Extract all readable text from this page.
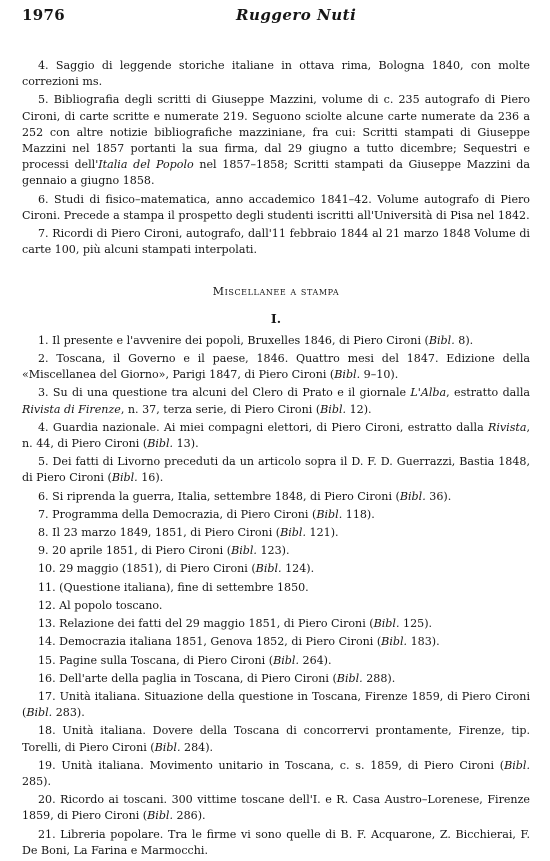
1976	Ruggero Nuti

4. Saggio di leggende storiche italiane in ottava rima, Bologna 1840, con molte correzioni ms.

5. Bibliografia degli scritti di Giuseppe Mazzini, volume di c. 235 autografo di Piero Cironi, di carte scritte e numerate 219. Seguono sciolte alcune carte numerate da 236 a 252 con altre notizie bibliografiche mazziniane, fra cui: Scritti stampati di Giuseppe Mazzini nel 1857 portanti la sua firma, dal 29 giugno a tutto dicembre; Sequestri e processi dell'Italia del Popolo nel 1857–1858; Scritti stampati da Giuseppe Mazzini da gennaio a giugno 1858.

6. Studi di fisico–matematica, anno accademico 1841–42. Volume autografo di Piero Cironi. Precede a stampa il prospetto degli studenti iscritti all'Università di Pisa nel 1842.

7. Ricordi di Piero Cironi, autografo, dall'11 febbraio 1844 al 21 marzo 1848 Volume di carte 100, più alcuni stampati interpolati.

Miscellanee a stampa
I.

1. Il presente e l'avvenire dei popoli, Bruxelles 1846, di Piero Cironi (Bibl. 8).

2. Toscana, il Governo e il paese, 1846. Quattro mesi del 1847. Edizione della «Miscellanea del Giorno», Parigi 1847, di Piero Cironi (Bibl. 9–10).

3. Su di una questione tra alcuni del Clero di Prato e il giornale L'Alba, estratto dalla Rivista di Firenze, n. 37, terza serie, di Piero Cironi (Bibl. 12).

4. Guardia nazionale. Ai miei compagni elettori, di Piero Cironi, estratto dalla Rivista, n. 44, di Piero Cironi (Bibl. 13).

5. Dei fatti di Livorno preceduti da un articolo sopra il D. F. D. Guerrazzi, Bastia 1848, di Piero Cironi (Bibl. 16).

6. Si riprenda la guerra, Italia, settembre 1848, di Piero Cironi (Bibl. 36).

7. Programma della Democrazia, di Piero Cironi (Bibl. 118).

8. Il 23 marzo 1849, 1851, di Piero Cironi (Bibl. 121).

9. 20 aprile 1851, di Piero Cironi (Bibl. 123).

10. 29 maggio (1851), di Piero Cironi (Bibl. 124).

11. (Questione italiana), fine di settembre 1850.

12. Al popolo toscano.

13. Relazione dei fatti del 29 maggio 1851, di Piero Cironi (Bibl. 125).

14. Democrazia italiana 1851, Genova 1852, di Piero Cironi (Bibl. 183).

15. Pagine sulla Toscana, di Piero Cironi (Bibl. 264).

16. Dell'arte della paglia in Toscana, di Piero Cironi (Bibl. 288).

17. Unità italiana. Situazione della questione in Toscana, Firenze 1859, di Piero Cironi (Bibl. 283).

18. Unità italiana. Dovere della Toscana di concorrervi prontamente, Firenze, tip. Torelli, di Piero Cironi (Bibl. 284).

19. Unità italiana. Movimento unitario in Toscana, c. s. 1859, di Piero Cironi (Bibl. 285).

20. Ricordo ai toscani. 300 vittime toscane dell'I. e R. Casa Austro–Lorenese, Firenze 1859, di Piero Cironi (Bibl. 286).

21. Libreria popolare. Tra le firme vi sono quelle di B. F. Acquarone, Z. Bicchierai, F. De Boni, La Farina e Marmocchi.
